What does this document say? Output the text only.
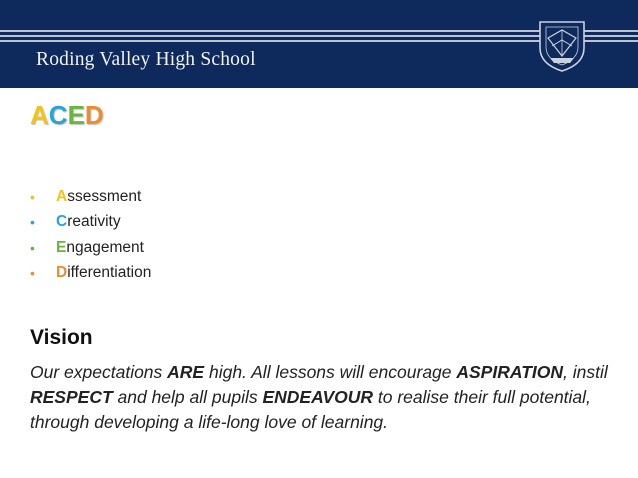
Roding Valley High School
ACED
•	A ssessment
•	C reativity
•	E ngagement
•	D ifferentiation
Vision

Our expectations ARE high. All lessons will encourage ASPIRATION, instil RESPECT and help all pupils ENDEAVOUR to realise their full potential, through developing a life-long love of learning.
